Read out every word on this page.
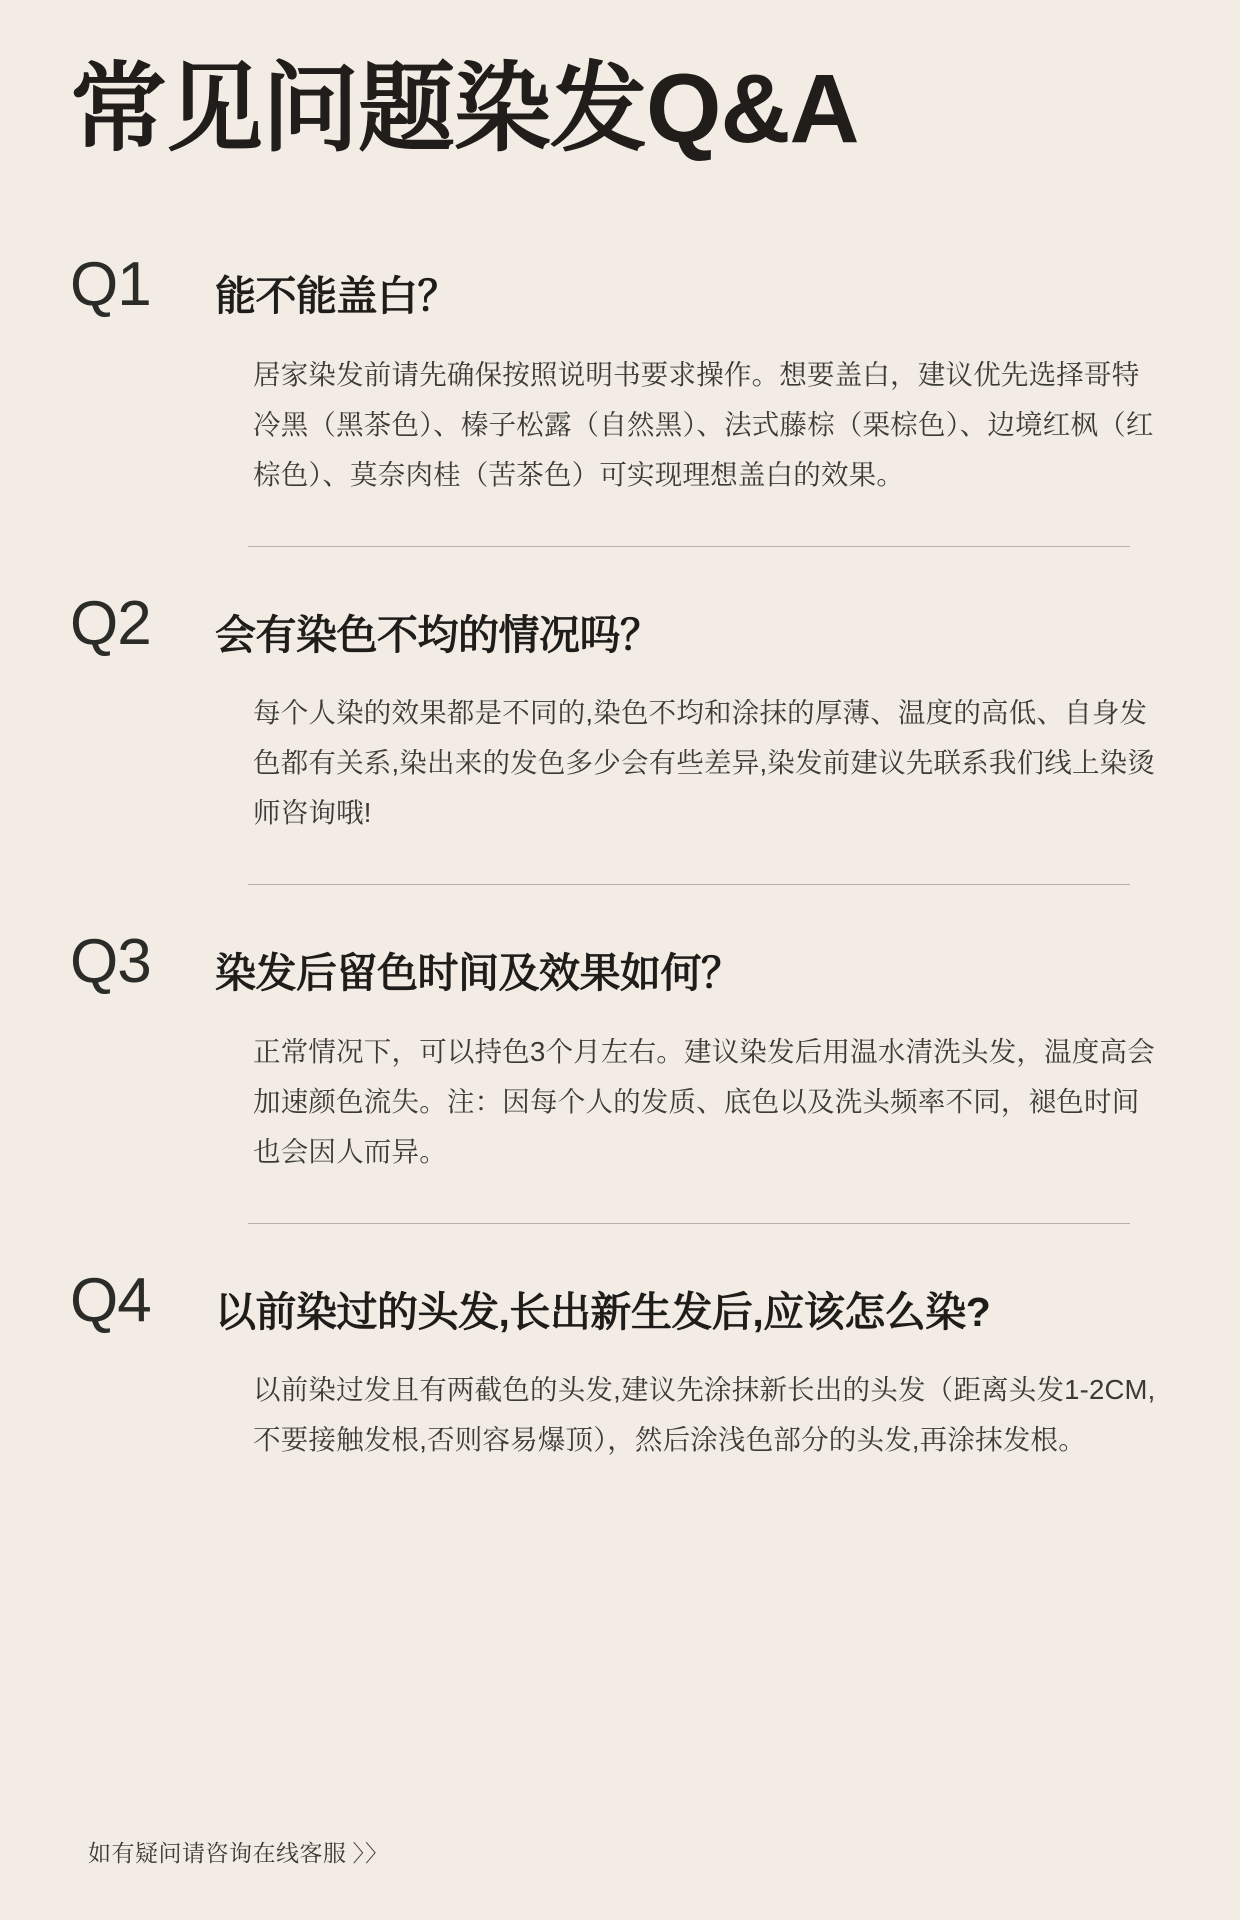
常见问题染发Q&A
Q1 能不能盖白？

居家染发前请先确保按照说明书要求操作。想要盖白，建议优先选择哥特冷黑（黑茶色）、榛子松露（自然黑）、法式藤棕（栗棕色）、边境红枫（红棕色）、莫奈肉桂（苦茶色）可实现理想盖白的效果。

Q2 会有染色不均的情况吗？

每个人染的效果都是不同的,染色不均和涂抹的厚薄、温度的高低、自身发色都有关系,染出来的发色多少会有些差异,染发前建议先联系我们线上染烫师咨询哦!

Q3 染发后留色时间及效果如何？

正常情况下，可以持色3个月左右。建议染发后用温水清洗头发，温度高会加速颜色流失。注：因每个人的发质、底色以及洗头频率不同，褪色时间也会因人而异。

Q4 以前染过的头发,长出新生发后,应该怎么染?

以前染过发且有两截色的头发,建议先涂抹新长出的头发（距离头发1-2CM,不要接触发根,否则容易爆顶），然后涂浅色部分的头发,再涂抹发根。

如有疑问请咨询在线客服 〉〉
